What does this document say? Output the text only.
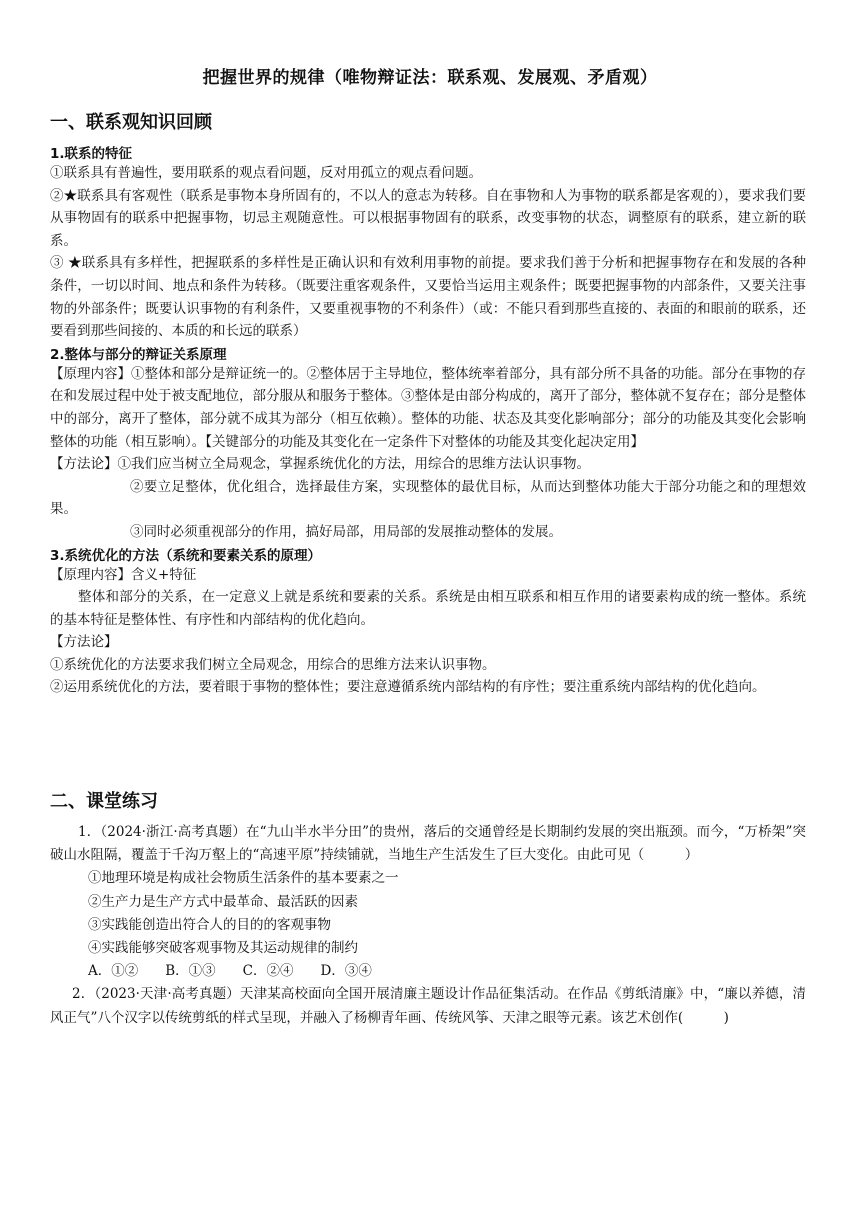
把握世界的规律（唯物辩证法：联系观、发展观、矛盾观）
一、联系观知识回顾
1.联系的特征

①联系具有普遍性，要用联系的观点看问题，反对用孤立的观点看问题。

②★联系具有客观性（联系是事物本身所固有的，不以人的意志为转移。自在事物和人为事物的联系都是客观的），要求我们要从事物固有的联系中把握事物，切忌主观随意性。可以根据事物固有的联系，改变事物的状态，调整原有的联系，建立新的联系。

③ ★联系具有多样性，把握联系的多样性是正确认识和有效利用事物的前提。要求我们善于分析和把握事物存在和发展的各种条件，一切以时间、地点和条件为转移。（既要注重客观条件，又要恰当运用主观条件；既要把握事物的内部条件，又要关注事物的外部条件；既要认识事物的有利条件，又要重视事物的不利条件）（或：不能只看到那些直接的、表面的和眼前的联系，还要看到那些间接的、本质的和长远的联系）

2.整体与部分的辩证关系原理

【原理内容】①整体和部分是辩证统一的。②整体居于主导地位，整体统率着部分，具有部分所不具备的功能。部分在事物的存在和发展过程中处于被支配地位，部分服从和服务于整体。③整体是由部分构成的，离开了部分，整体就不复存在；部分是整体中的部分，离开了整体，部分就不成其为部分（相互依赖）。整体的功能、状态及其变化影响部分；部分的功能及其变化会影响整体的功能（相互影响）。【关键部分的功能及其变化在一定条件下对整体的功能及其变化起决定用】

【方法论】①我们应当树立全局观念，掌握系统优化的方法，用综合的思维方法认识事物。

②要立足整体，优化组合，选择最佳方案，实现整体的最优目标，从而达到整体功能大于部分功能之和的理想效果。

③同时必须重视部分的作用，搞好局部，用局部的发展推动整体的发展。

3.系统优化的方法（系统和要素关系的原理）

【原理内容】含义+特征

整体和部分的关系，在一定意义上就是系统和要素的关系。系统是由相互联系和相互作用的诸要素构成的统一整体。系统的基本特征是整体性、有序性和内部结构的优化趋向。

【方法论】

①系统优化的方法要求我们树立全局观念，用综合的思维方法来认识事物。

②运用系统优化的方法，要着眼于事物的整体性；要注意遵循系统内部结构的有序性；要注重系统内部结构的优化趋向。

二、课堂练习

1．（2024·浙江·高考真题）在“九山半水半分田”的贵州，落后的交通曾经是长期制约发展的突出瓶颈。而今，“万桥架”突破山水阻隔，覆盖于千沟万壑上的“高速平原”持续铺就，当地生产生活发生了巨大变化。由此可见（　　　）

①地理环境是构成社会物质生活条件的基本要素之一

②生产力是生产方式中最革命、最活跃的因素

③实践能创造出符合人的目的的客观事物

④实践能够突破客观事物及其运动规律的制约

A．①②　　B．①③　　C．②④　　D．③④

2．（2023·天津·高考真题）天津某高校面向全国开展清廉主题设计作品征集活动。在作品《剪纸清廉》中，“廉以养德，清风正气”八个汉字以传统剪纸的样式呈现，并融入了杨柳青年画、传统风筝、天津之眼等元素。该艺术创作(　　　)
